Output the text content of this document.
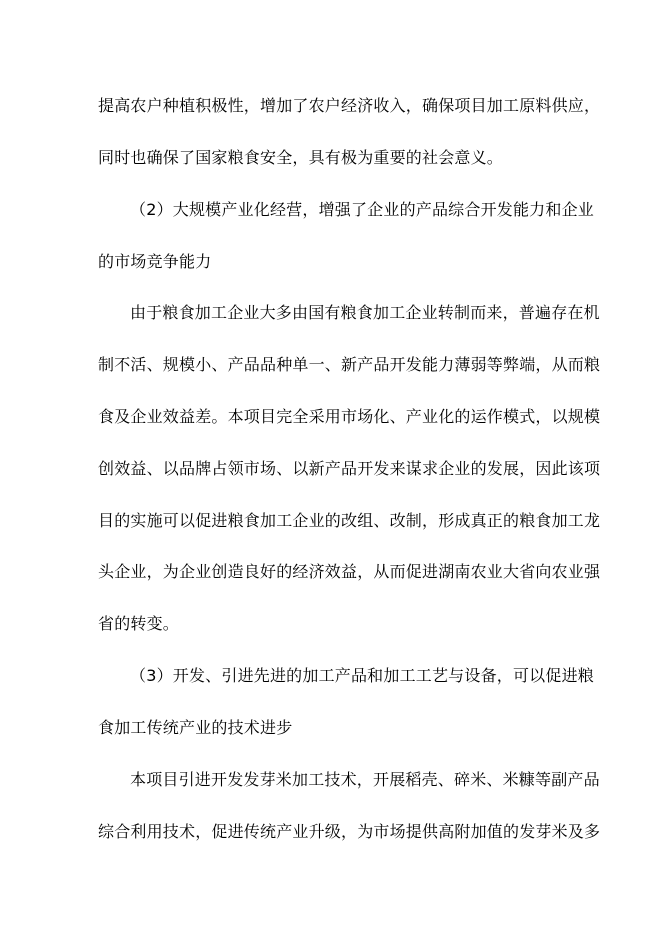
提高农户种植积极性，增加了农户经济收入，确保项目加工原料供应，
同时也确保了国家粮食安全，具有极为重要的社会意义。
（2）大规模产业化经营，增强了企业的产品综合开发能力和企业
的市场竞争能力
由于粮食加工企业大多由国有粮食加工企业转制而来，普遍存在机
制不活、规模小、产品品种单一、新产品开发能力薄弱等弊端，从而粮
食及企业效益差。本项目完全采用市场化、产业化的运作模式，以规模
创效益、以品牌占领市场、以新产品开发来谋求企业的发展，因此该项
目的实施可以促进粮食加工企业的改组、改制，形成真正的粮食加工龙
头企业，为企业创造良好的经济效益，从而促进湖南农业大省向农业强
省的转变。
（3）开发、引进先进的加工产品和加工工艺与设备，可以促进粮
食加工传统产业的技术进步
本项目引进开发发芽米加工技术，开展稻壳、碎米、米糠等副产品
综合利用技术，促进传统产业升级，为市场提供高附加值的发芽米及多
